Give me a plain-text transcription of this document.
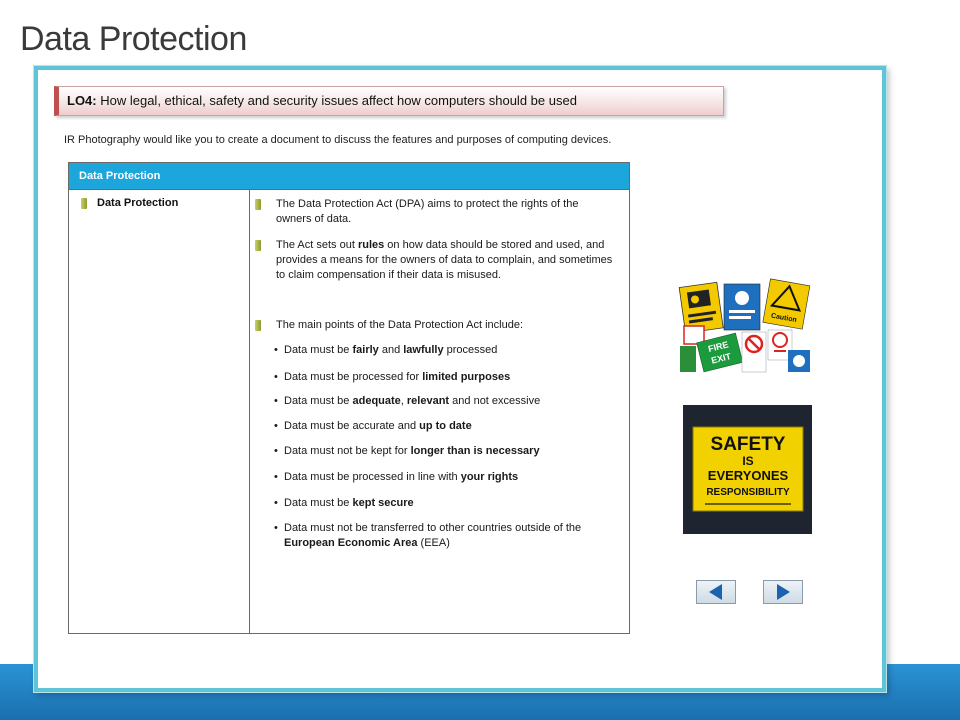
Data Protection
LO4: How legal, ethical, safety and security issues affect how computers should be used
IR Photography would like you to create a document to discuss the features and purposes of computing devices.
Data Protection
Data Protection	The Data Protection Act (DPA) aims to protect the rights of the owners of data.
The Act sets out rules on how data should be stored and used, and provides a means for the owners of data to complain, and sometimes to claim compensation if their data is misused.
The main points of the Data Protection Act include:
• Data must be fairly and lawfully processed
• Data must be processed for limited purposes
• Data must be adequate, relevant and not excessive
• Data must be accurate and up to date
• Data must not be kept for longer than is necessary
• Data must be processed in line with your rights
• Data must be kept secure
• Data must not be transferred to other countries outside of the European Economic Area (EEA)
Caution
FIRE
EXIT
SAFETY
IS
EVERYONES
RESPONSIBILITY
